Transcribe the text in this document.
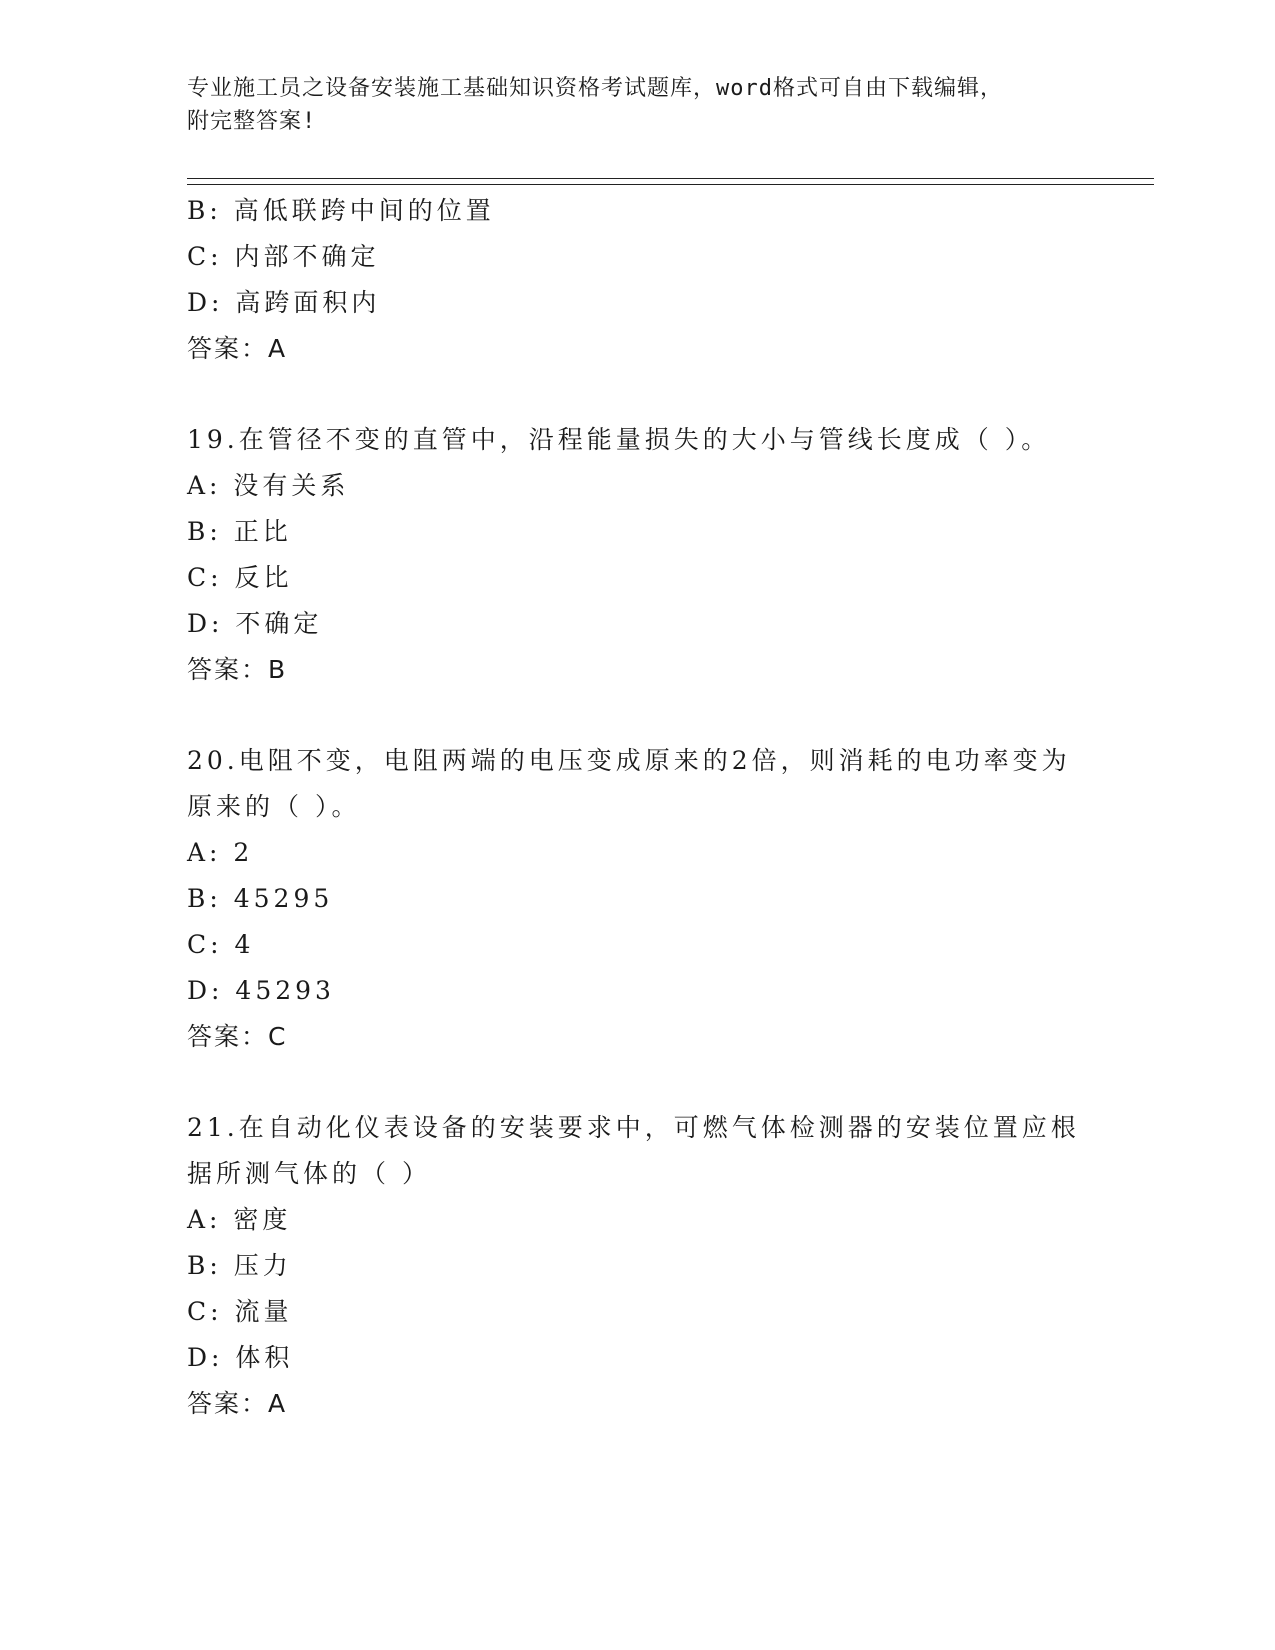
专业施工员之设备安装施工基础知识资格考试题库，word格式可自由下载编辑，
附完整答案!
B: 高低联跨中间的位置
C: 内部不确定
D: 高跨面积内
答案：A
19.在管径不变的直管中，沿程能量损失的大小与管线长度成（ ）。
A: 没有关系
B: 正比
C: 反比
D: 不确定
答案：B
20.电阻不变，电阻两端的电压变成原来的2倍，则消耗的电功率变为
原来的（ ）。
A: 2
B: 45295
C: 4
D: 45293
答案：C
21.在自动化仪表设备的安装要求中，可燃气体检测器的安装位置应根
据所测气体的（ ）
A: 密度
B: 压力
C: 流量
D: 体积
答案：A
